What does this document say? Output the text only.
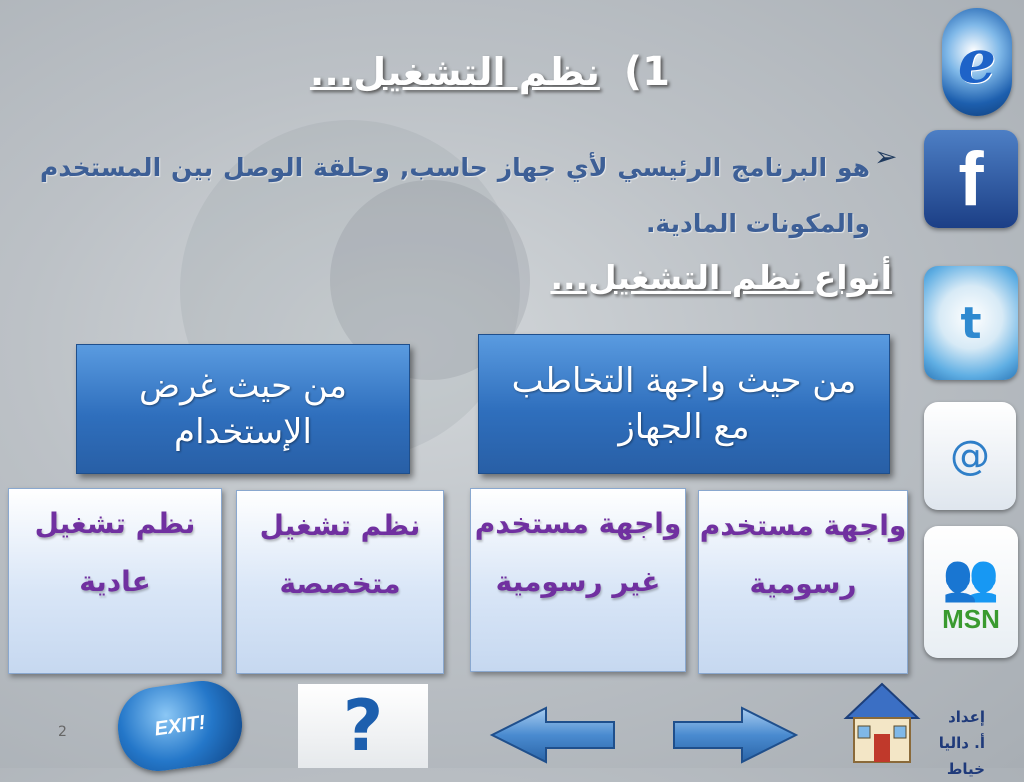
1)
نظم التشغيل...
➢
هو البرنامج الرئيسي لأي جهاز حاسب, وحلقة الوصل بين المستخدم والمكونات المادية.
أنواع نظم التشغيل...
من حيث واجهة التخاطب مع الجهاز
من حيث غرض الإستخدام
واجهة مستخدم رسومية
واجهة مستخدم غير رسومية
نظم تشغيل متخصصة
نظم تشغيل عادية
e
f
t
@
👥
MSN
EXIT! ?
2
إعداد
أ. داليا خياط
